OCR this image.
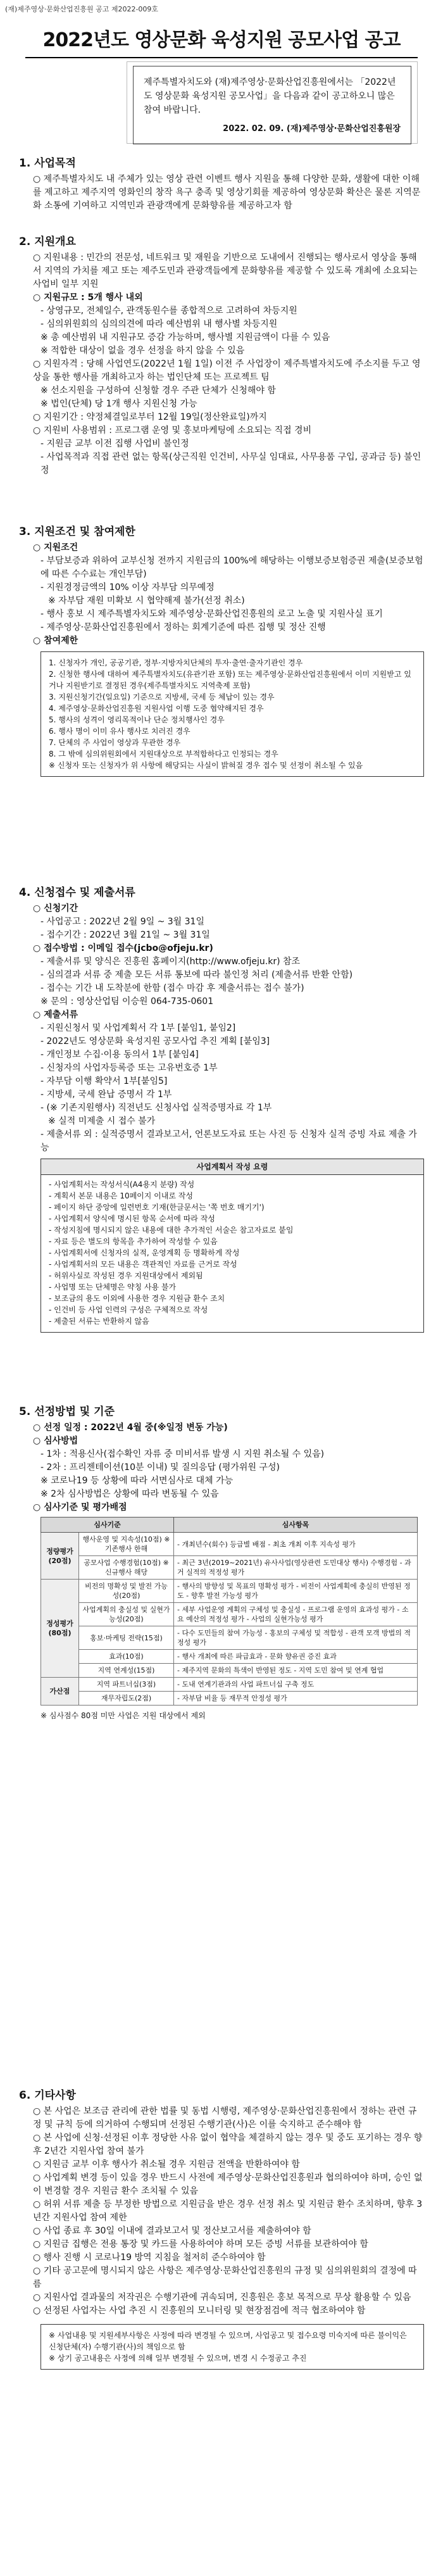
(재)제주영상·문화산업진흥원 공고 제2022-009호
2022년도 영상문화 육성지원 공모사업 공고
제주특별자치도와 (재)제주영상·문화산업진흥원에서는 「2022년도 영상문화 육성지원 공모사업」을 다음과 같이 공고하오니 많은 참여 바랍니다.
2022. 02. 09. (재)제주영상·문화산업진흥원장
1. 사업목적

○ 제주특별자치도 내 주체가 있는 영상 관련 이벤트 행사 지원을 통해 다양한 문화, 생활에 대한 이해를 제고하고 제주지역 영화인의 창작 욕구 충족 및 영상기회를 제공하여 영상문화 확산은 물론 지역문화 소통에 기여하고 지역민과 관광객에게 문화향유를 제공하고자 함

2. 지원개요

○ 지원내용 : 민간의 전문성, 네트워크 및 재원을 기반으로 도내에서 진행되는 행사로서 영상을 통해서 지역의 가치를 제고 또는 제주도민과 관광객들에게 문화향유를 제공할 수 있도록 개최에 소요되는 사업비 일부 지원

○ 지원규모 : 5개 행사 내외

- 상영규모, 전체일수, 관객동원수를 종합적으로 고려하여 차등지원

- 심의위원회의 심의의견에 따라 예산범위 내 행사별 차등지원

※ 총 예산범위 내 지원규모 증감 가능하며, 행사별 지원금액이 다를 수 있음

※ 적합한 대상이 없을 경우 선정을 하지 않을 수 있음

○ 지원자격 : 당해 사업연도(2022년 1월 1일) 이전 주 사업장이 제주특별자치도에 주소지를 두고 영상을 통한 행사를 개최하고자 하는 법인단체 또는 프로젝트 팀

※ 선소지원을 구성하여 신청할 경우 주관 단체가 신청해야 함

※ 법인(단체) 당 1개 행사 지원신청 가능

○ 지원기간 : 약정체결일로부터 12월 19일(정산완료일)까지

○ 지원비 사용범위 : 프로그램 운영 및 홍보마케팅에 소요되는 직접 경비

- 지원금 교부 이전 집행 사업비 불인정

- 사업목적과 직접 관련 없는 항목(상근직원 인건비, 사무실 임대료, 사무용품 구입, 공과금 등) 불인정

3. 지원조건 및 참여제한

○ 지원조건

- 부담보증과 위하여 교부신청 전까지 지원금의 100%에 해당하는 이행보증보험증권 제출(보증보험에 따른 수수료는 개인부담)

- 지원경정금액의 10% 이상 자부담 의무예정

※ 자부담 재원 미확보 시 협약해제 불가(선정 취소)

- 행사 홍보 시 제주특별자치도와 제주영상·문화산업진흥원의 로고 노출 및 지원사실 표기

- 제주영상·문화산업진흥원에서 정하는 회계기준에 따른 집행 및 정산 진행

○ 참여제한

1. 신청자가 개인, 공공기관, 정부·지방자치단체의 투자·출연·출자기관인 경우
2. 신청한 행사에 대하여 제주특별자치도(유관기관 포함) 또는 제주영상·문화산업진흥원에서 이미 지원받고 있거나 지원받기로 결정된 경우(제주특별자치도 지역축제 포함)
3. 지원신청기간(일요일) 기준으로 지방세, 국세 등 체납이 있는 경우
4. 제주영상·문화산업진흥원 지원사업 이행 도중 협약해지된 경우
5. 행사의 성격이 영리목적이나 단순 정치행사인 경우
6. 행사 명이 이미 유사 행사로 치러진 경우
7. 단체의 주 사업이 영상과 무관한 경우
8. 그 밖에 심의위원회에서 지원대상으로 부적합하다고 인정되는 경우
※ 신청자 또는 신청자가 위 사항에 해당되는 사실이 밝혀질 경우 접수 및 선정이 취소될 수 있음
4. 신청접수 및 제출서류

○ 신청기간

- 사업공고 : 2022년 2월 9일 ~ 3월 31일

- 접수기간 : 2022년 3월 21일 ~ 3월 31일

○ 접수방법 : 이메일 접수(jcbo@ofjeju.kr)

- 제출서류 및 양식은 진흥원 홈페이지(http://www.ofjeju.kr) 참조

- 심의결과 서류 중 제출 모든 서류 통보에 따라 불인정 처리 (제출서류 반환 안함)

- 접수는 기간 내 도착분에 한함 (접수 마감 후 제출서류는 접수 불가)

※ 문의 : 영상산업팀 이승원 064-735-0601

○ 제출서류

- 지원신청서 및 사업계획서 각 1부 [붙임1, 붙임2]

- 2022년도 영상문화 육성지원 공모사업 추진 계획 [붙임3]

- 개인정보 수집·이용 동의서 1부 [붙임4]

- 신청자의 사업자등록증 또는 고유번호증 1부

- 자부담 이행 확약서 1부[붙임5]

- 지방세, 국세 완납 증명서 각 1부

- (※ 기존지원행사) 직전년도 신청사업 실적증명자료 각 1부

※ 실적 미제출 시 접수 불가

- 제출서류 외 : 실적증명서 결과보고서, 언론보도자료 또는 사진 등 신청자 실적 증빙 자료 제출 가능

사업계획서 작성 요령
- 사업계획서는 작성서식(A4용지 분량) 작성
- 계획서 본문 내용은 10페이지 이내로 작성
- 페이지 하단 중앙에 일련번호 기재(한글문서는 '쪽 번호 매기기')
- 사업계획서 양식에 명시된 항목 순서에 따라 작성
- 작성지침에 명시되지 않은 내용에 대한 추가적인 서술은 참고자료로 붙임
- 자료 등은 별도의 항목을 추가하여 작성할 수 있음
- 사업계획서에 신청자의 실적, 운영계획 등 명확하게 작성
- 사업계획서의 모든 내용은 객관적인 자료를 근거로 작성
- 허위사실로 작성된 경우 지원대상에서 제외됨
- 사업명 또는 단체명은 약칭 사용 불가
- 보조금의 용도 이외에 사용한 경우 지원금 환수 조치
- 인건비 등 사업 인력의 구성은 구체적으로 작성
- 제출된 서류는 반환하지 않음
5. 선정방법 및 기준

○ 선정 일정 : 2022년 4월 중(※일정 변동 가능)

○ 심사방법

- 1차 : 적용신사(접수확인 자류 중 미비서류 발생 시 지원 취소될 수 있음)

- 2차 : 프리젠테이션(10분 이내) 및 질의응답 (평가위원 구성)

※ 코로나19 등 상황에 따라 서면심사로 대체 가능

※ 2차 심사방법은 상황에 따라 변동될 수 있음

○ 심사기준 및 평가배점

심사기준		심사항목
정량평가(20점)	행사운영 및 지속성(10점) ※ 기존행사 한해	- 개최년수(회수) 등급별 배점 - 최초 개최 이후 지속성 평가
	공모사업 수행경험(10점) ※ 신규행사 해당	- 최근 3년(2019~2021년) 유사사업(영상관련 도민대상 행사) 수행경험 - 과거 실적의 적정성 평가
정성평가(80점)	비전의 명확성 및 발전 가능성(20점)	- 행사의 방향성 및 목표의 명확성 평가 - 비전이 사업계획에 충실히 반영된 정도 - 향후 발전 가능성 평가
	사업계획의 충실성 및 실현가능성(20점)	- 세부 사업운영 계획의 구체성 및 충실성 - 프로그램 운영의 효과성 평가 - 소요 예산의 적정성 평가 - 사업의 실현가능성 평가
	홍보·마케팅 전략(15점)	- 다수 도민들의 참여 가능성 - 홍보의 구체성 및 적합성 - 관객 모객 방법의 적정성 평가
	효과(10점)	- 행사 개최에 따른 파급효과 - 문화 향유권 증진 효과
	지역 연계성(15점)	- 제주지역 문화의 특색이 반영된 정도 - 지역 도민 참여 및 연계 협업
가산점	지역 파트너십(3점)	- 도내 연계기관과의 사업 파트너십 구축 정도
	재무자립도(2점)	- 자부담 비율 등 재무적 안정성 평가

※ 심사점수 80점 미만 사업은 지원 대상에서 제외

6. 기타사항

○ 본 사업은 보조금 관리에 관한 법률 및 동법 시행령, 제주영상·문화산업진흥원에서 정하는 관련 규정 및 규칙 등에 의거하여 수행되며 선정된 수행기관(사)은 이를 숙지하고 준수해야 함

○ 본 사업에 신청·선정된 이후 정당한 사유 없이 협약을 체결하지 않는 경우 및 중도 포기하는 경우 향후 2년간 지원사업 참여 불가

○ 지원금 교부 이후 행사가 취소될 경우 지원금 전액을 반환하여야 함

○ 사업계획 변경 등이 있을 경우 반드시 사전에 제주영상·문화산업진흥원과 협의하여야 하며, 승인 없이 변경할 경우 지원금 환수 조치될 수 있음

○ 허위 서류 제출 등 부정한 방법으로 지원금을 받은 경우 선정 취소 및 지원금 환수 조치하며, 향후 3년간 지원사업 참여 제한

○ 사업 종료 후 30일 이내에 결과보고서 및 정산보고서를 제출하여야 함

○ 지원금 집행은 전용 통장 및 카드를 사용하여야 하며 모든 증빙 서류를 보관하여야 함

○ 행사 진행 시 코로나19 방역 지침을 철저히 준수하여야 함

○ 기타 공고문에 명시되지 않은 사항은 제주영상·문화산업진흥원의 규정 및 심의위원회의 결정에 따름

○ 지원사업 결과물의 저작권은 수행기관에 귀속되며, 진흥원은 홍보 목적으로 무상 활용할 수 있음

○ 선정된 사업자는 사업 추진 시 진흥원의 모니터링 및 현장점검에 적극 협조하여야 함

※ 사업내용 및 지원세부사항은 사정에 따라 변경될 수 있으며, 사업공고 및 접수요령 미숙지에 따른 불이익은 신청단체(자) 수행기관(사)의 책임으로 함
※ 상기 공고내용은 사정에 의해 일부 변경될 수 있으며, 변경 시 수정공고 추진
